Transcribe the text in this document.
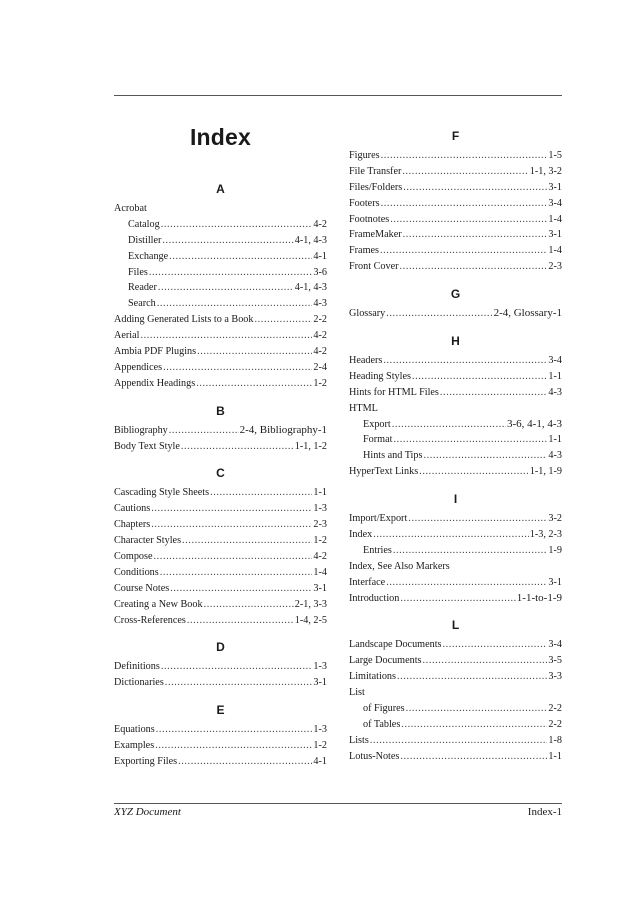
Index
A
Acrobat
Catalog .....	4-2
Distiller .....	4-1, 4-3
Exchange .....	4-1
Files .....	3-6
Reader .....	4-1, 4-3
Search .....	4-3
Adding Generated Lists to a Book .....	2-2
Aerial .....	4-2
Ambia PDF Plugins .....	4-2
Appendices .....	2-4
Appendix Headings .....	1-2
B
Bibliography .....	2-4, Bibliography-1
Body Text Style .....	1-1, 1-2
C
Cascading Style Sheets .....	1-1
Cautions .....	1-3
Chapters .....	2-3
Character Styles .....	1-2
Compose .....	4-2
Conditions .....	1-4
Course Notes .....	3-1
Creating a New Book .....	2-1, 3-3
Cross-References .....	1-4, 2-5
D
Definitions .....	1-3
Dictionaries .....	3-1
E
Equations .....	1-3
Examples .....	1-2
Exporting Files .....	4-1
F
Figures .....	1-5
File Transfer .....	1-1, 3-2
Files/Folders .....	3-1
Footers .....	3-4
Footnotes .....	1-4
FrameMaker .....	3-1
Frames .....	1-4
Front Cover .....	2-3
G
Glossary .....	2-4, Glossary-1
H
Headers .....	3-4
Heading Styles .....	1-1
Hints for HTML Files .....	4-3
HTML
Export .....	3-6, 4-1, 4-3
Format .....	1-1
Hints and Tips .....	4-3
HyperText Links .....	1-1, 1-9
I
Import/Export .....	3-2
Index .....	1-3, 2-3
Entries .....	1-9
Index, See Also Markers
Interface .....	3-1
Introduction .....	1-1-to-1-9
L
Landscape Documents .....	3-4
Large Documents .....	3-5
Limitations .....	3-3
List
of Figures .....	2-2
of Tables .....	2-2
Lists .....	1-8
Lotus-Notes .....	1-1
XYZ Document	Index-1
